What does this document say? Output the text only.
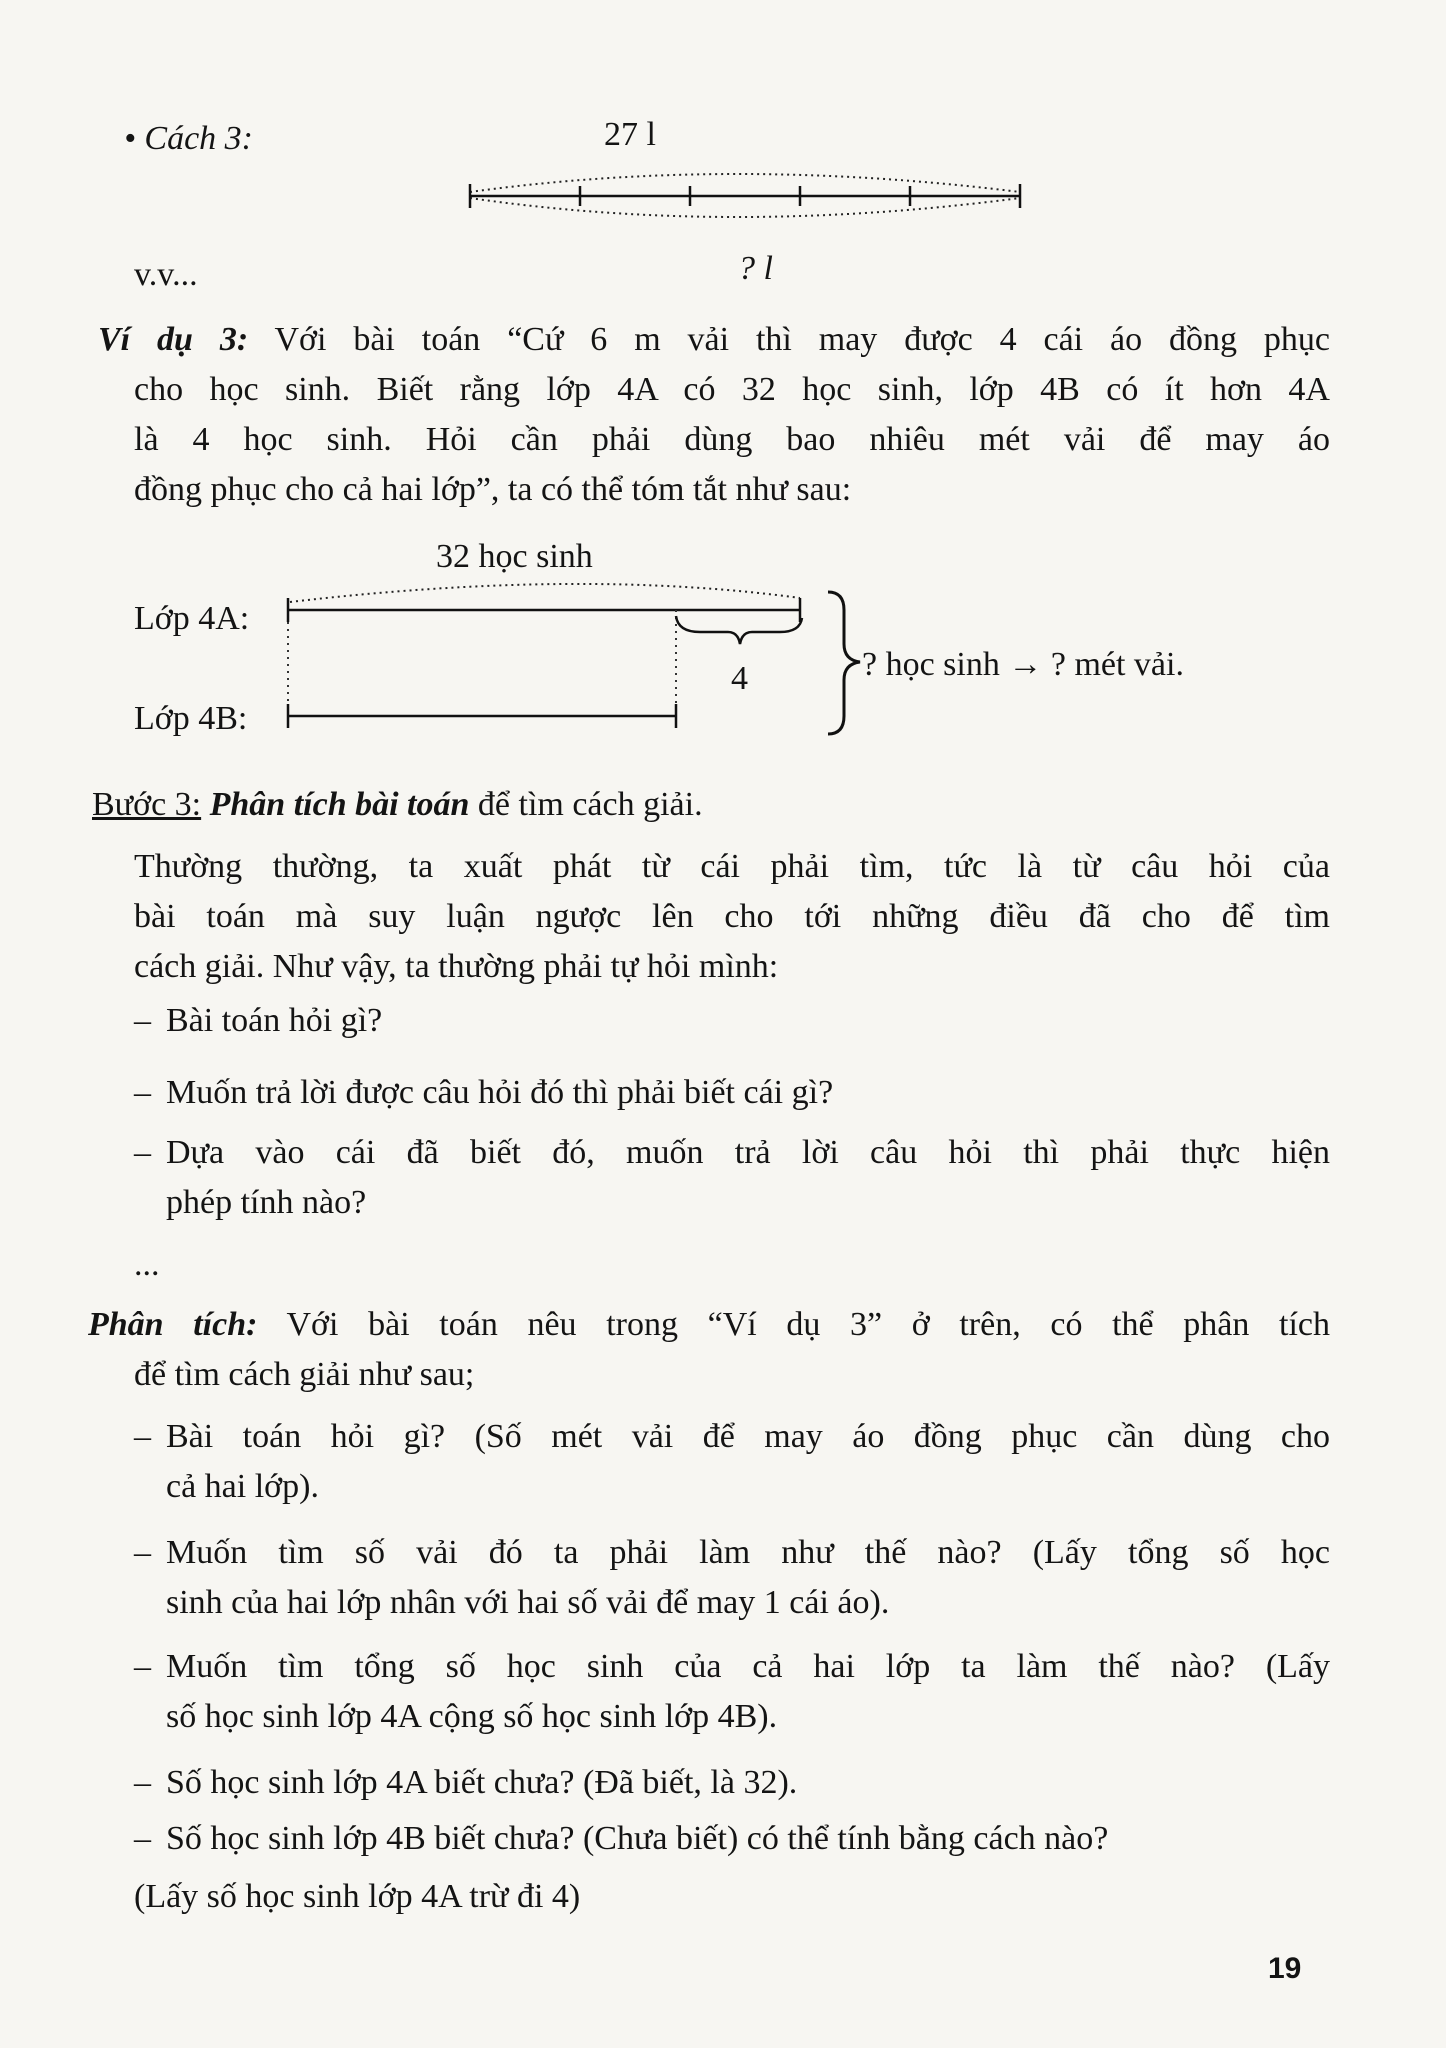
• Cách 3:	27 l
v.v...	? l
Ví dụ 3: Với bài toán “Cứ 6 m vải thì may được 4 cái áo đồng phục
cho học sinh. Biết rằng lớp 4A có 32 học sinh, lớp 4B có ít hơn 4A
là 4 học sinh. Hỏi cần phải dùng bao nhiêu mét vải để may áo
đồng phục cho cả hai lớp”, ta có thể tóm tắt như sau:
32 học sinh
Lớp 4A:
Lớp 4B:
4	? học sinh → ? mét vải.
Bước 3: Phân tích bài toán để tìm cách giải.
Thường thường, ta xuất phát từ cái phải tìm, tức là từ câu hỏi của
bài toán mà suy luận ngược lên cho tới những điều đã cho để tìm
cách giải. Như vậy, ta thường phải tự hỏi mình:
– Bài toán hỏi gì?
– Muốn trả lời được câu hỏi đó thì phải biết cái gì?
– Dựa vào cái đã biết đó, muốn trả lời câu hỏi thì phải thực hiện
phép tính nào?
...
Phân tích: Với bài toán nêu trong “Ví dụ 3” ở trên, có thể phân tích
để tìm cách giải như sau;
– Bài toán hỏi gì? (Số mét vải để may áo đồng phục cần dùng cho
cả hai lớp).
– Muốn tìm số vải đó ta phải làm như thế nào? (Lấy tổng số học
sinh của hai lớp nhân với hai số vải để may 1 cái áo).
– Muốn tìm tổng số học sinh của cả hai lớp ta làm thế nào? (Lấy
số học sinh lớp 4A cộng số học sinh lớp 4B).
– Số học sinh lớp 4A biết chưa? (Đã biết, là 32).
– Số học sinh lớp 4B biết chưa? (Chưa biết) có thể tính bằng cách nào?
(Lấy số học sinh lớp 4A trừ đi 4)
19
